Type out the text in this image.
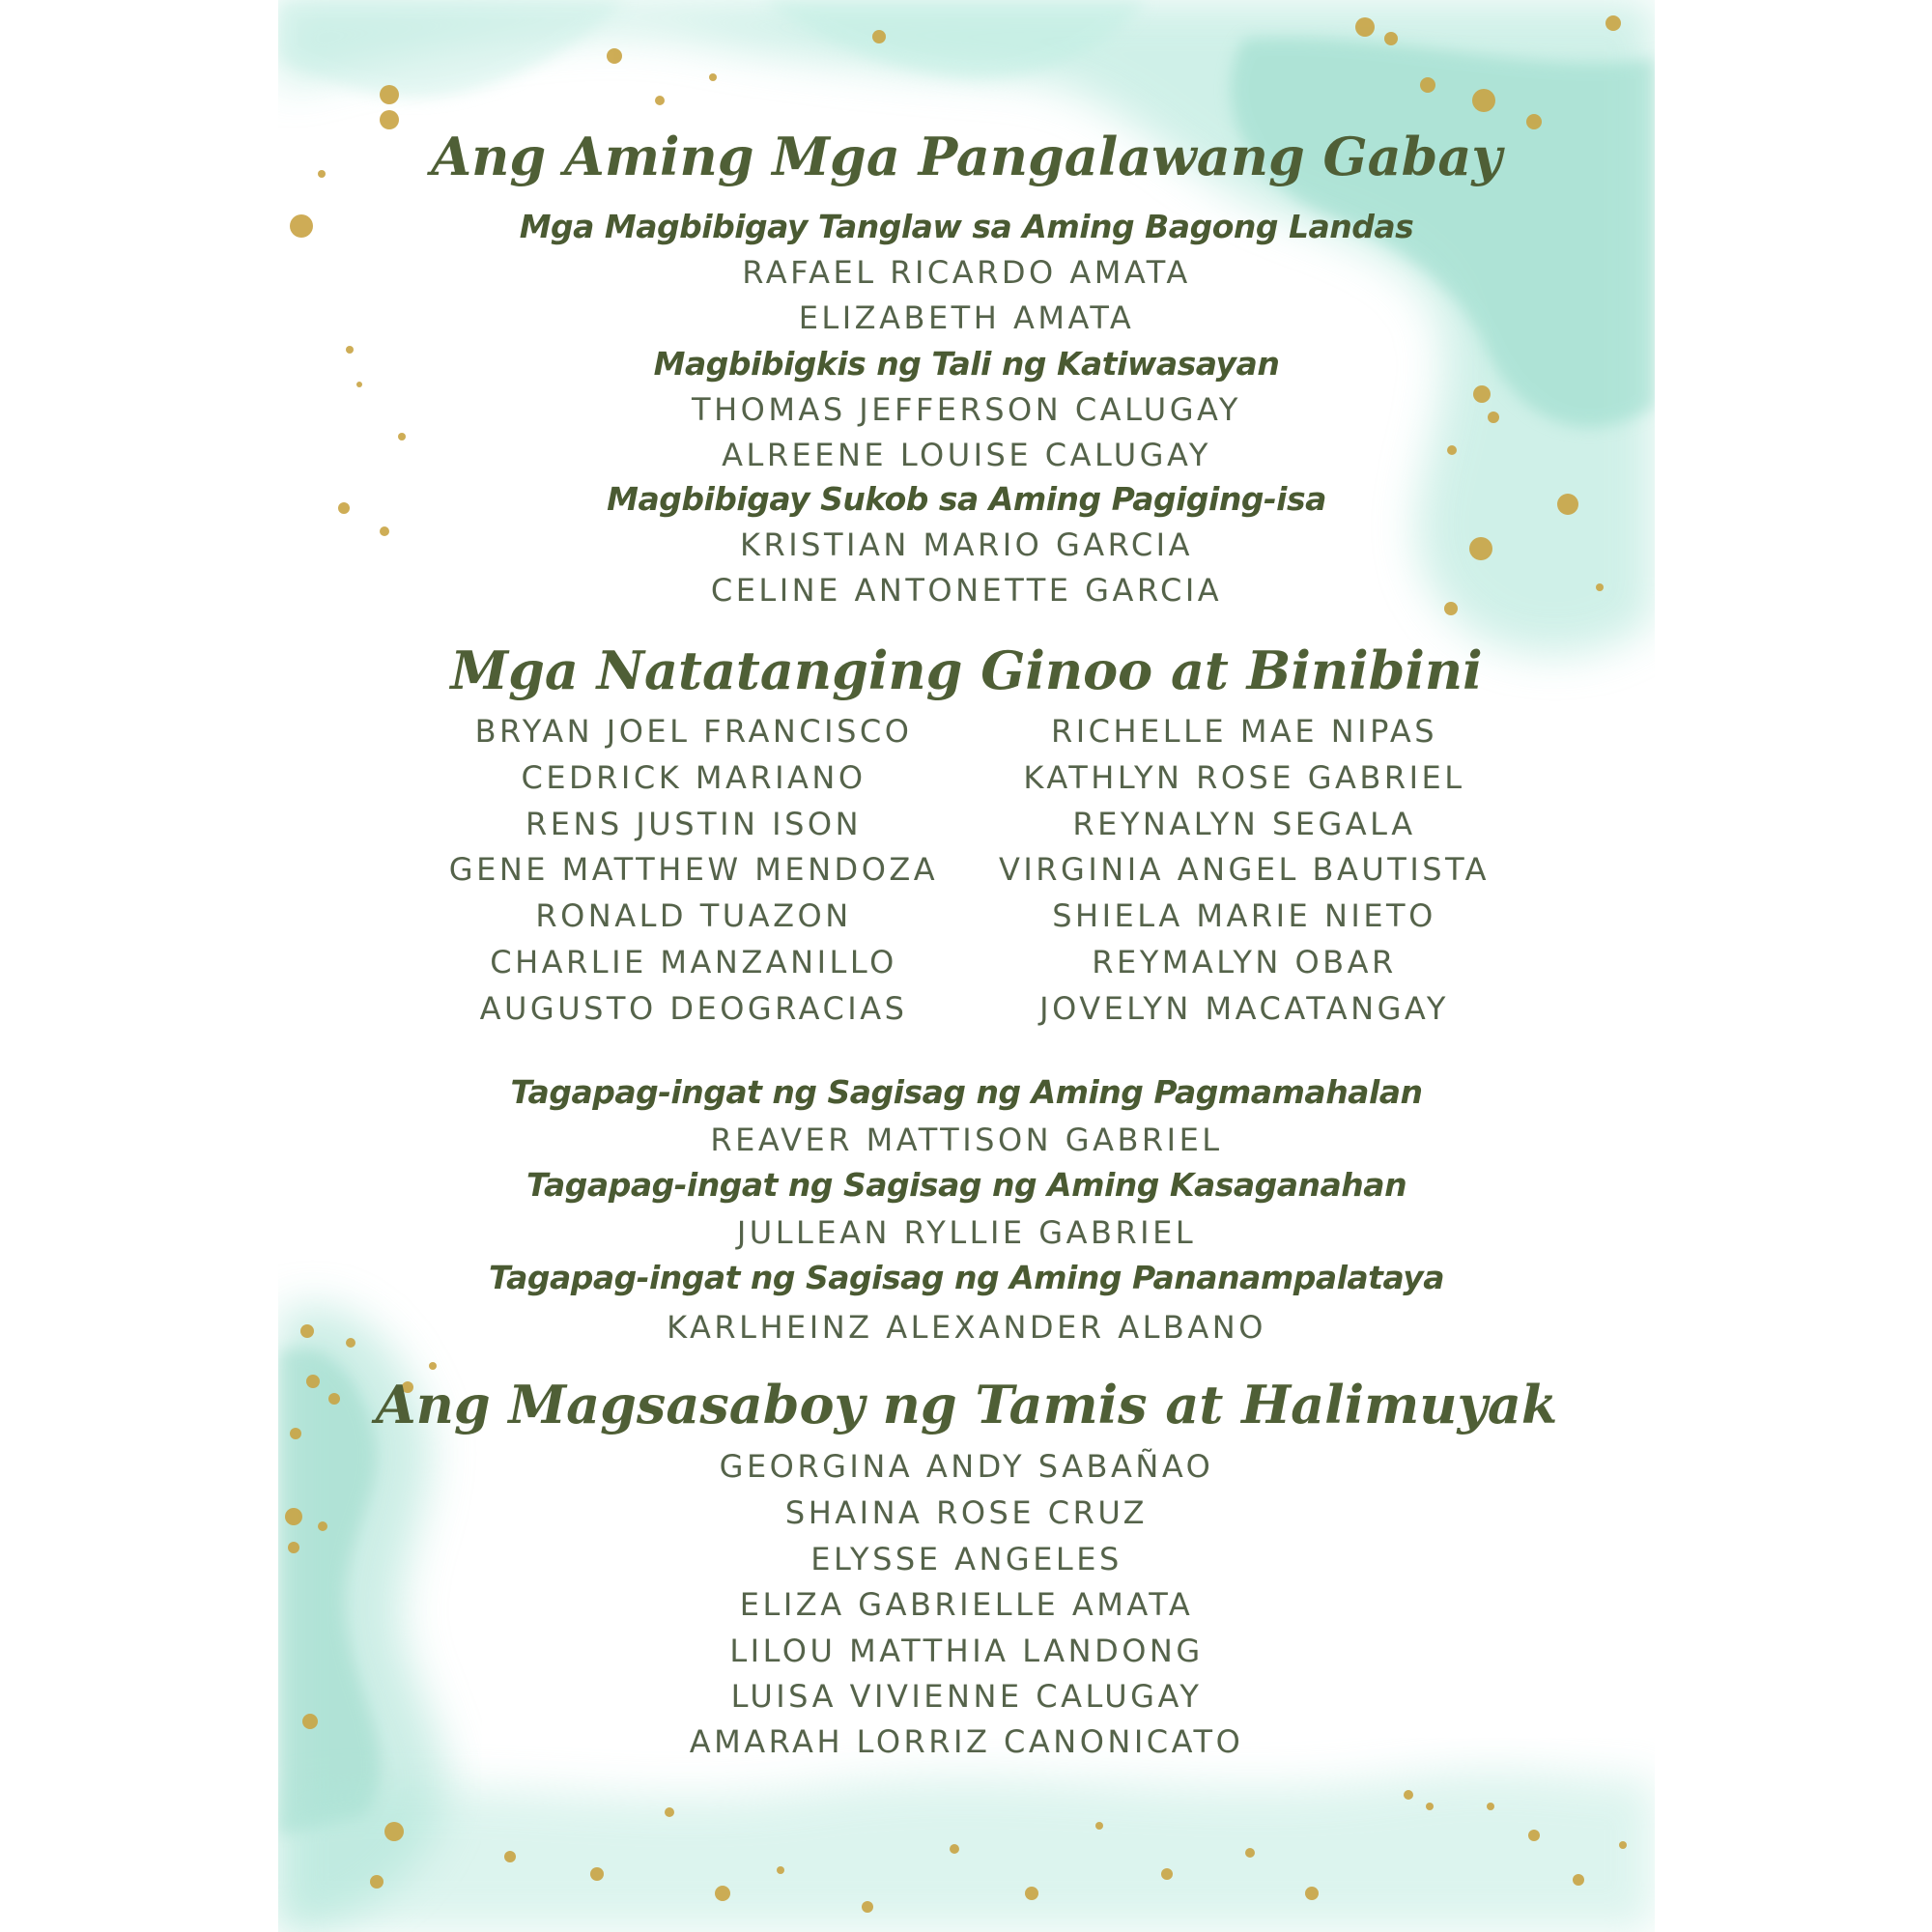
Ang Aming Mga Pangalawang Gabay
Mga Magbibigay Tanglaw sa Aming Bagong Landas
RAFAEL RICARDO AMATA
ELIZABETH AMATA
Magbibigkis ng Tali ng Katiwasayan
THOMAS JEFFERSON CALUGAY
ALREENE LOUISE CALUGAY
Magbibigay Sukob sa Aming Pagiging-isa
KRISTIAN MARIO GARCIA
CELINE ANTONETTE GARCIA
Mga Natatanging Ginoo at Binibini
BRYAN JOEL FRANCISCO
CEDRICK MARIANO
RENS JUSTIN ISON
GENE MATTHEW MENDOZA
RONALD TUAZON
CHARLIE MANZANILLO
AUGUSTO DEOGRACIAS
RICHELLE MAE NIPAS
KATHLYN ROSE GABRIEL
REYNALYN SEGALA
VIRGINIA ANGEL BAUTISTA
SHIELA MARIE NIETO
REYMALYN OBAR
JOVELYN MACATANGAY
Tagapag-ingat ng Sagisag ng Aming Pagmamahalan
REAVER MATTISON GABRIEL
Tagapag-ingat ng Sagisag ng Aming Kasaganahan
JULLEAN RYLLIE GABRIEL
Tagapag-ingat ng Sagisag ng Aming Pananampalataya
KARLHEINZ ALEXANDER ALBANO
Ang Magsasaboy ng Tamis at Halimuyak
GEORGINA ANDY SABAÑAO
SHAINA ROSE CRUZ
ELYSSE ANGELES
ELIZA GABRIELLE AMATA
LILOU MATTHIA LANDONG
LUISA VIVIENNE CALUGAY
AMARAH LORRIZ CANONICATO
